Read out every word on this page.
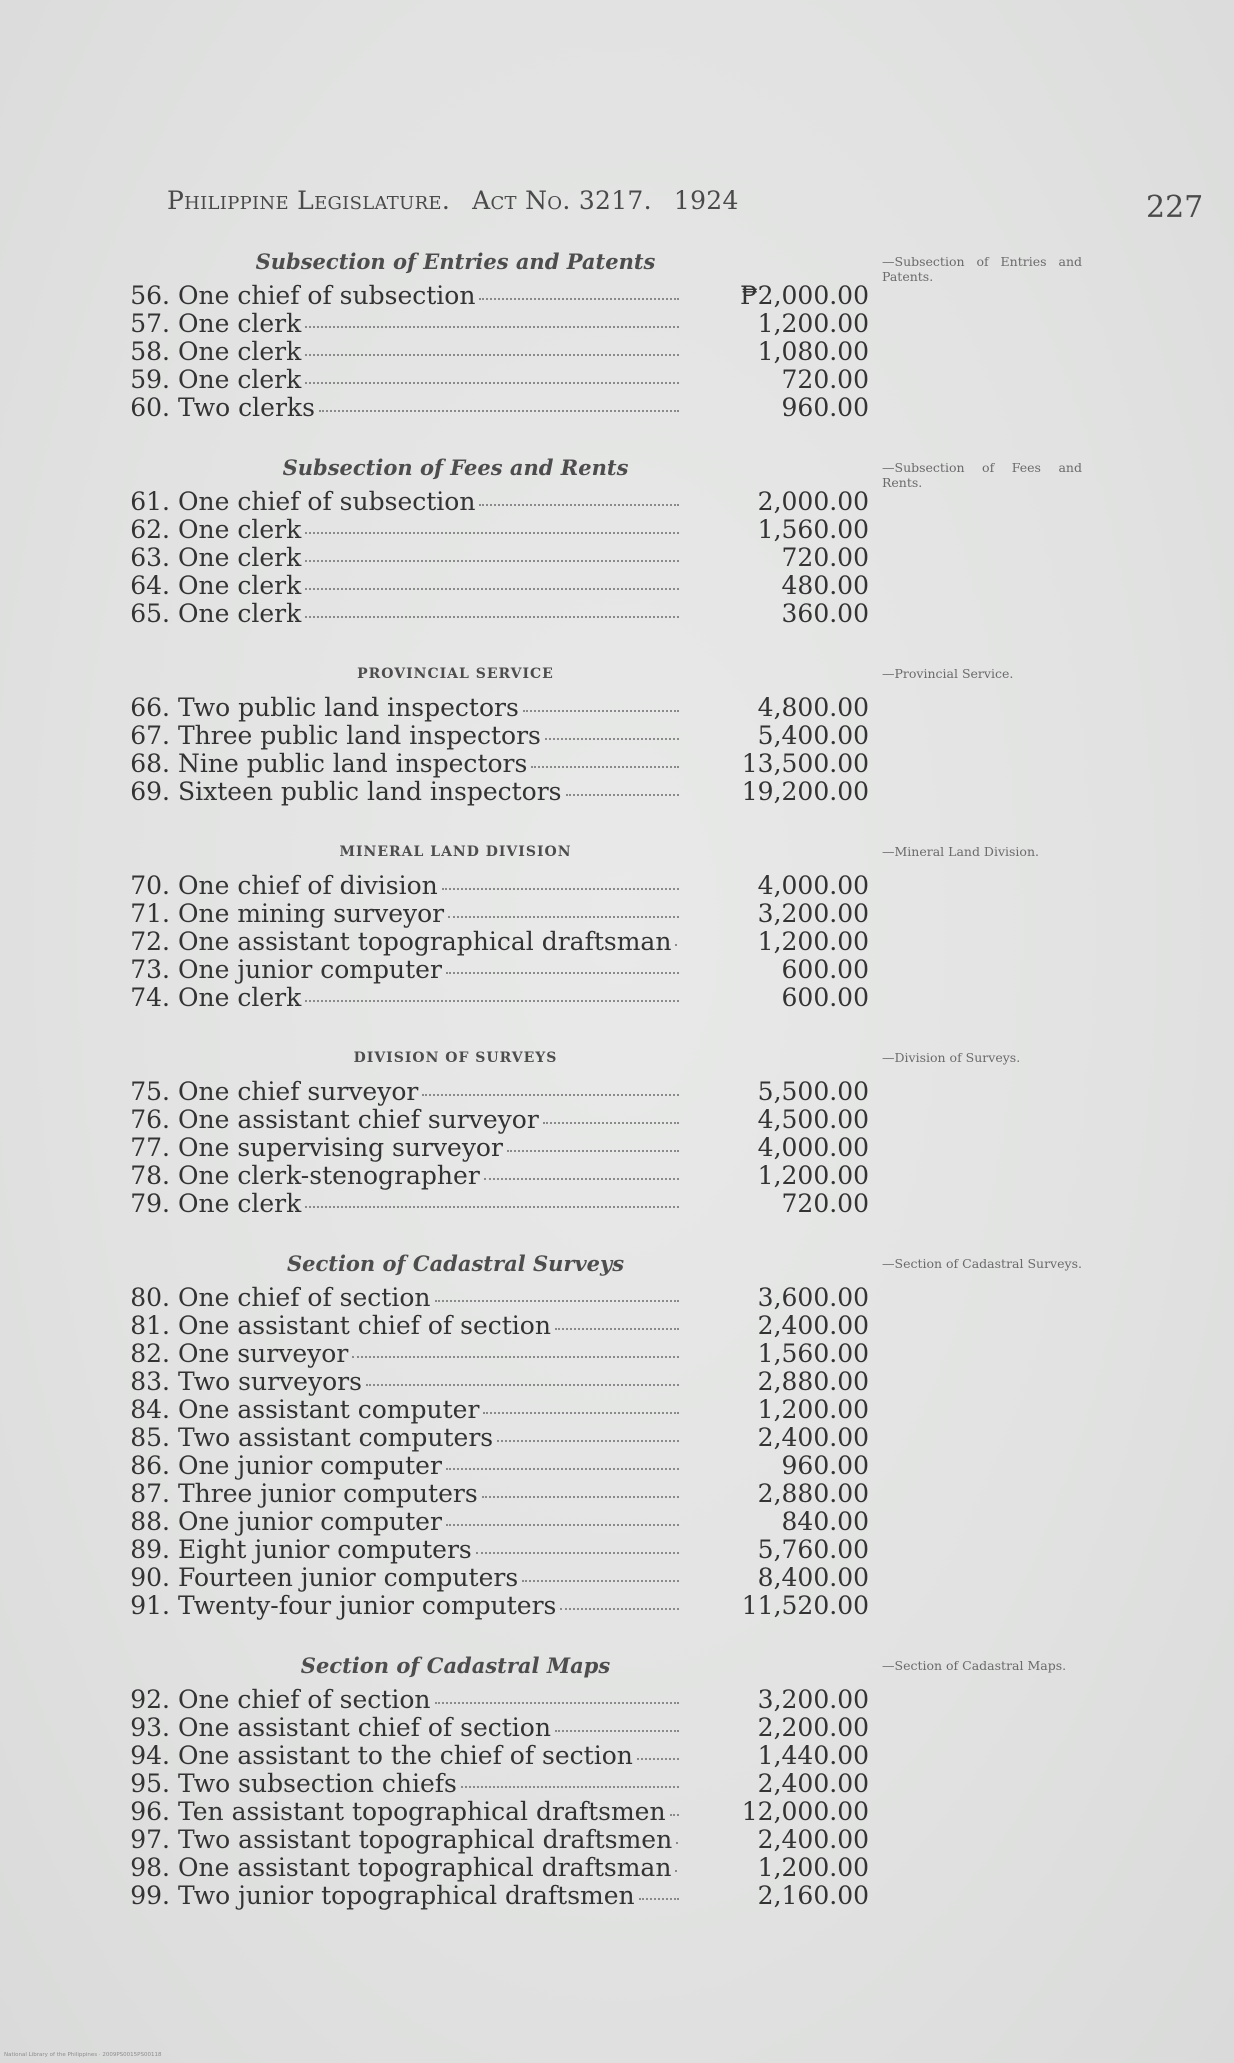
Philippine Legislature. Act No. 3217. 1924	227
Subsection of Entries and Patents	—Subsection of Entries and Patents.
56. One chief of subsection	₱2,000.00
57. One clerk	1,200.00
58. One clerk	1,080.00
59. One clerk	720.00
60. Two clerks	960.00
Subsection of Fees and Rents	—Subsection of Fees and Rents.
61. One chief of subsection	2,000.00
62. One clerk	1,560.00
63. One clerk	720.00
64. One clerk	480.00
65. One clerk	360.00
PROVINCIAL SERVICE	—Provincial Service.
66. Two public land inspectors	4,800.00
67. Three public land inspectors	5,400.00
68. Nine public land inspectors	13,500.00
69. Sixteen public land inspectors	19,200.00
MINERAL LAND DIVISION	—Mineral Land Division.
70. One chief of division	4,000.00
71. One mining surveyor	3,200.00
72. One assistant topographical draftsman	1,200.00
73. One junior computer	600.00
74. One clerk	600.00
DIVISION OF SURVEYS	—Division of Surveys.
75. One chief surveyor	5,500.00
76. One assistant chief surveyor	4,500.00
77. One supervising surveyor	4,000.00
78. One clerk-stenographer	1,200.00
79. One clerk	720.00
Section of Cadastral Surveys	—Section of Cadastral Surveys.
80. One chief of section	3,600.00
81. One assistant chief of section	2,400.00
82. One surveyor	1,560.00
83. Two surveyors	2,880.00
84. One assistant computer	1,200.00
85. Two assistant computers	2,400.00
86. One junior computer	960.00
87. Three junior computers	2,880.00
88. One junior computer	840.00
89. Eight junior computers	5,760.00
90. Fourteen junior computers	8,400.00
91. Twenty-four junior computers	11,520.00
Section of Cadastral Maps	—Section of Cadastral Maps.
92. One chief of section	3,200.00
93. One assistant chief of section	2,200.00
94. One assistant to the chief of section	1,440.00
95. Two subsection chiefs	2,400.00
96. Ten assistant topographical draftsmen	12,000.00
97. Two assistant topographical draftsmen	2,400.00
98. One assistant topographical draftsman	1,200.00
99. Two junior topographical draftsmen	2,160.00
National Library of the Philippines · 2009PS0015PS00118
